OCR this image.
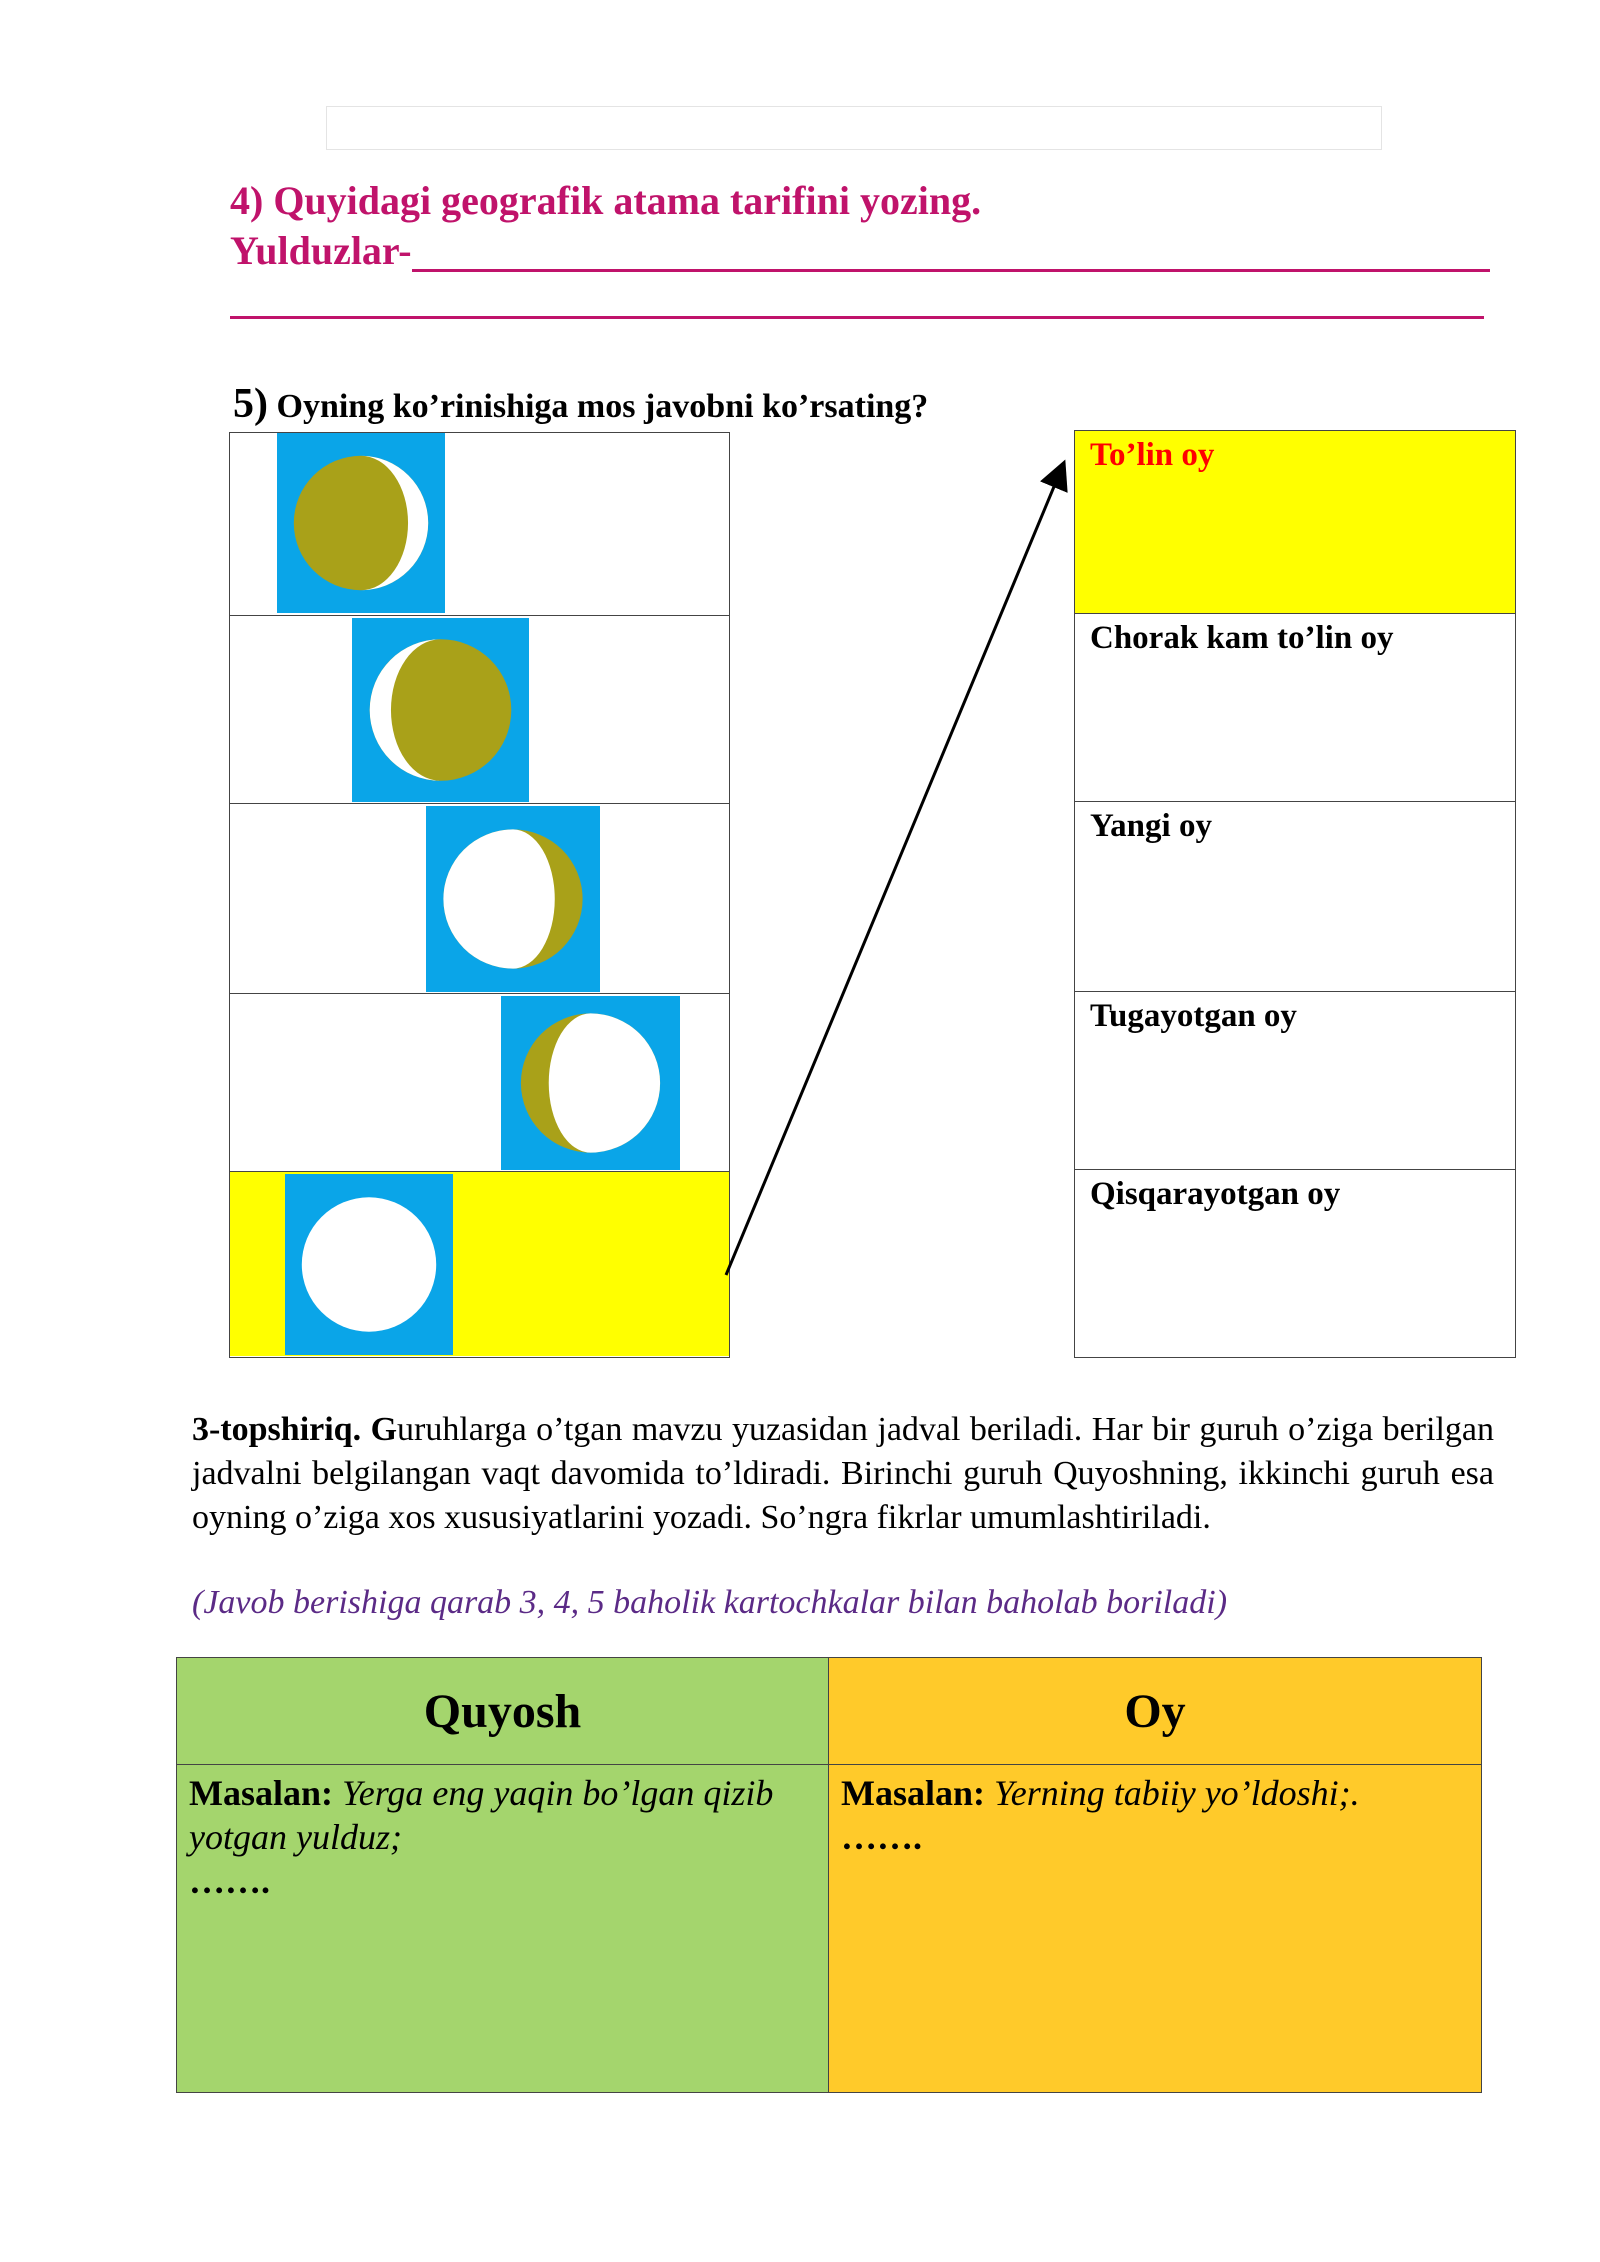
4) Quyidagi geografik atama tarifini yozing.
Yulduzlar-
5) Oyning ko’rinishiga mos javobni ko’rsating?
To’lin oy
Chorak kam to’lin oy
Yangi oy
Tugayotgan oy
Qisqarayotgan oy
3-topshiriq. Guruhlarga o’tgan mavzu yuzasidan jadval beriladi. Har bir guruh o’ziga berilgan jadvalni belgilangan vaqt davomida to’ldiradi. Birinchi guruh Quyoshning, ikkinchi guruh esa oyning o’ziga xos xususiyatlarini yozadi. So’ngra fikrlar umumlashtiriladi.
(Javob berishiga qarab 3, 4, 5 baholik kartochkalar bilan baholab boriladi)
Quyosh
Masalan: Yerga eng yaqin bo’lgan qizib yotgan yulduz;
…….
Oy
Masalan: Yerning tabiiy yo’ldoshi;.
…….
